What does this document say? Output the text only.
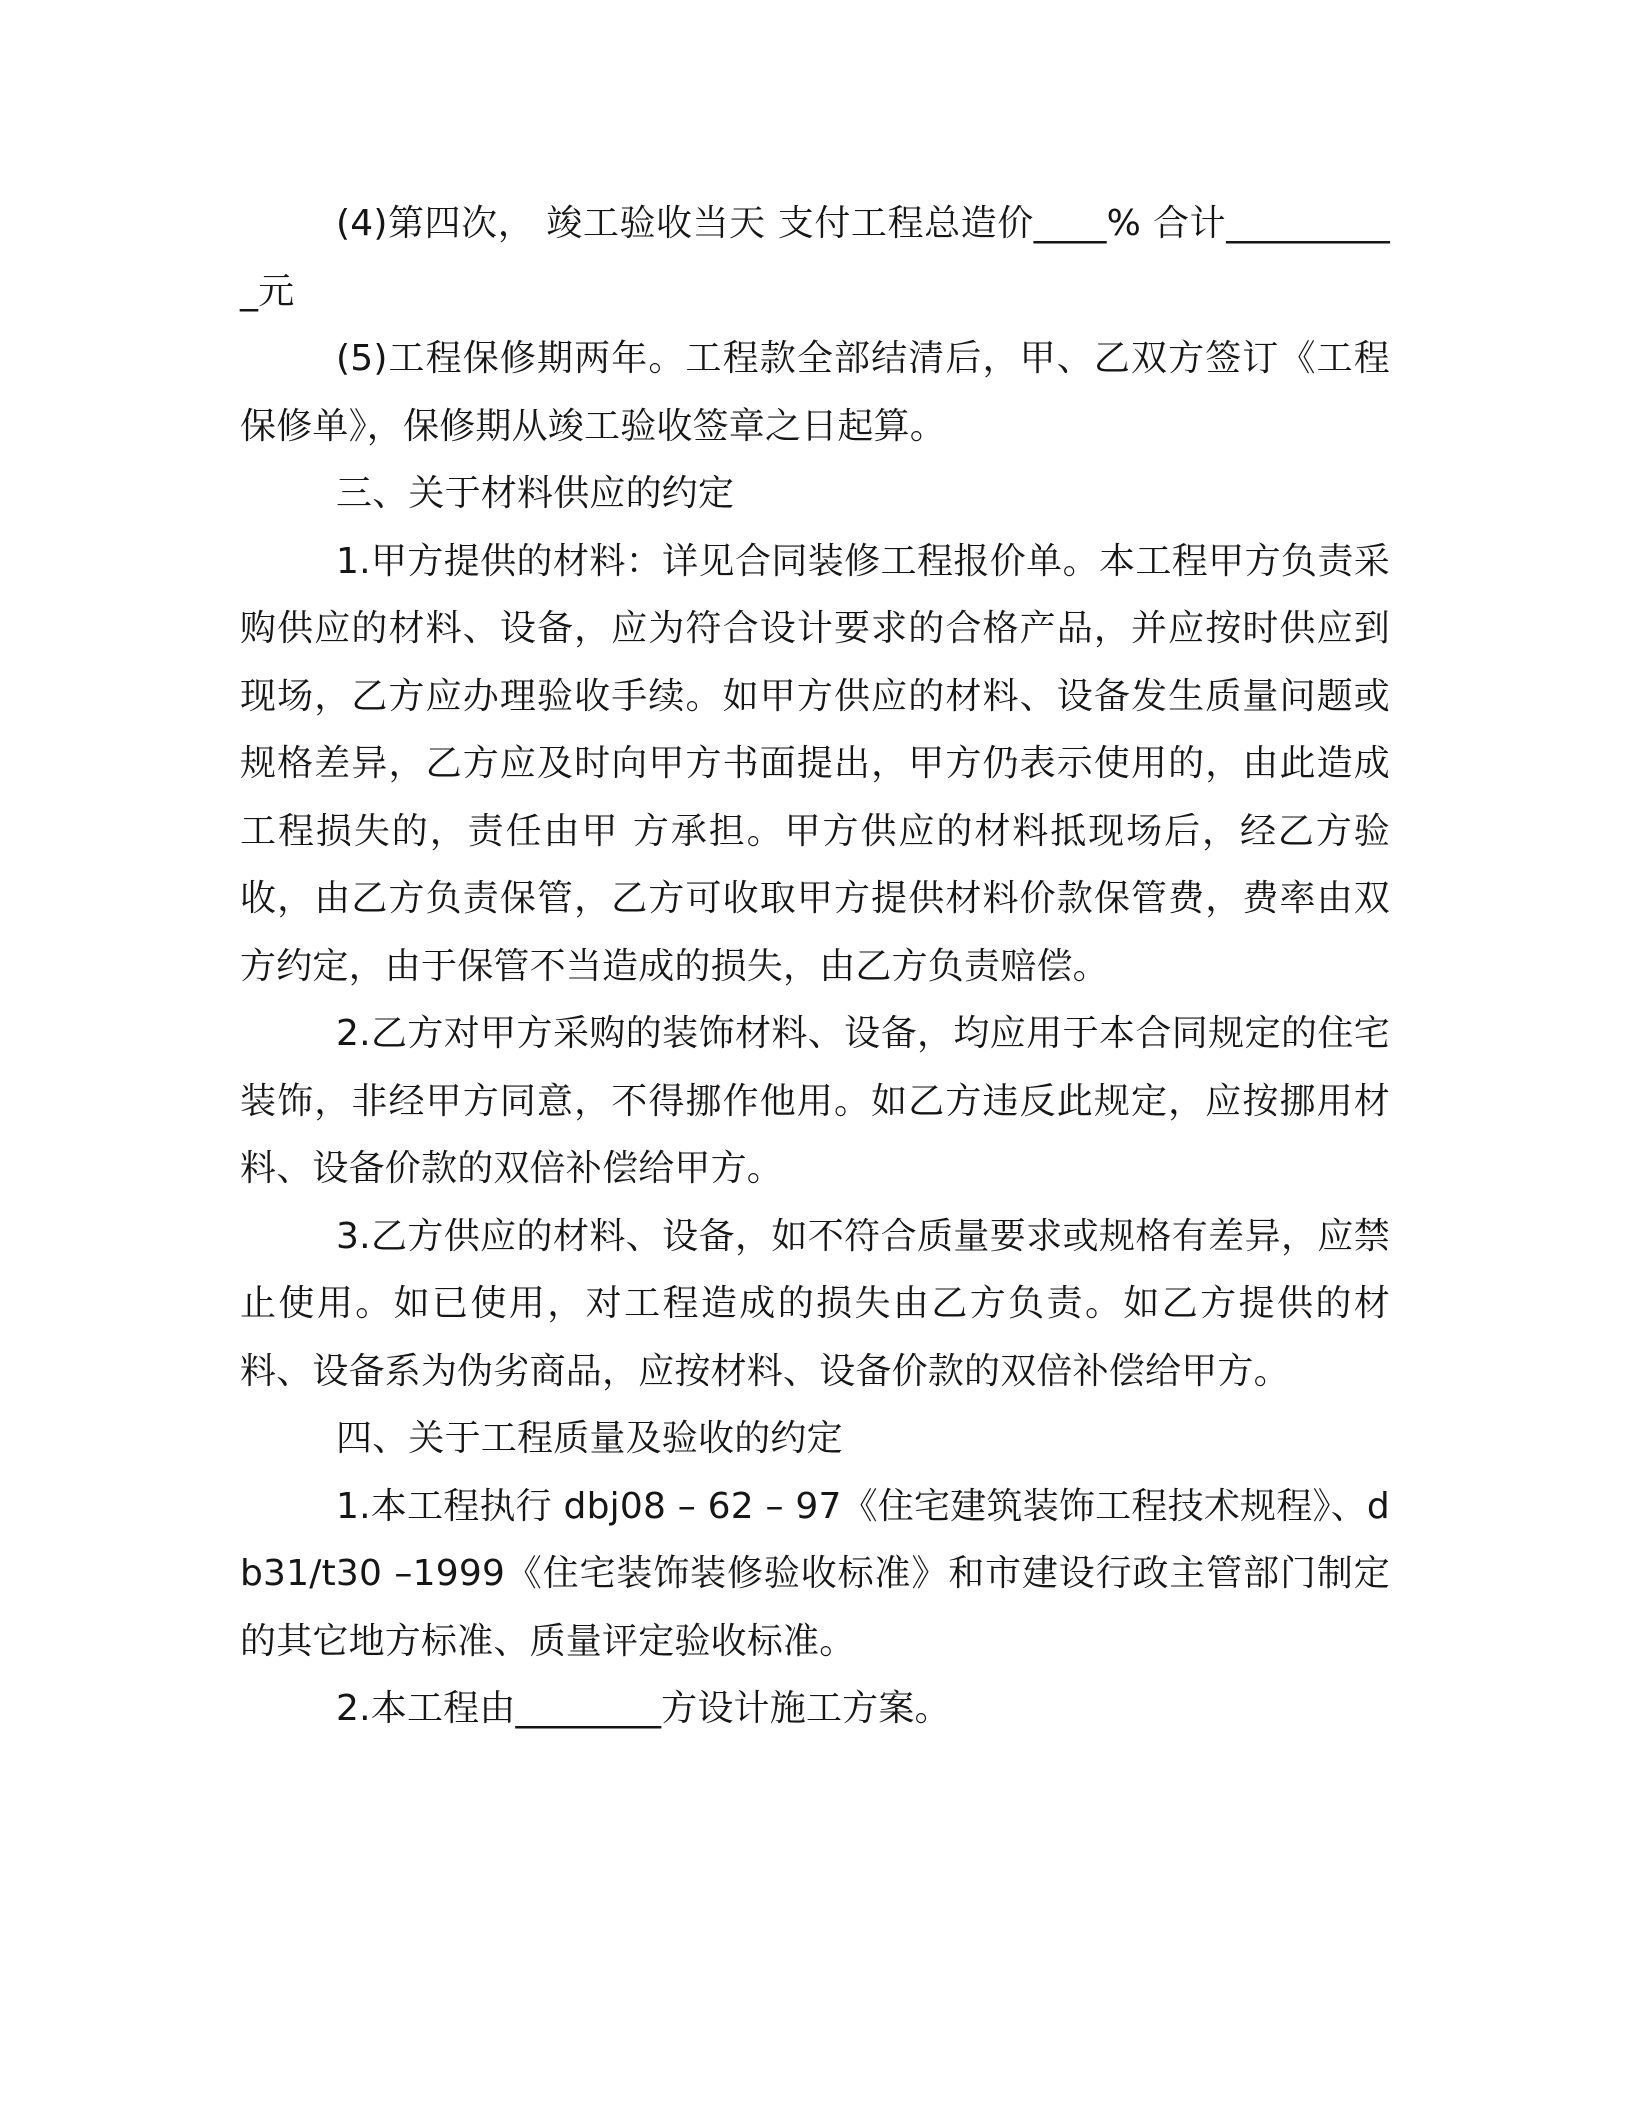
(4)第四次， 竣工验收当天 支付工程总造价____% 合计__________元

(5)工程保修期两年。工程款全部结清后，甲、乙双方签订《工程保修单》，保修期从竣工验收签章之日起算。

三、关于材料供应的约定

1.甲方提供的材料：详见合同装修工程报价单。本工程甲方负责采购供应的材料、设备，应为符合设计要求的合格产品，并应按时供应到 现场，乙方应办理验收手续。如甲方供应的材料、设备发生质量问题或规格差异，乙方应及时向甲方书面提出，甲方仍表示使用的，由此造成工程损失的，责任由甲 方承担。甲方供应的材料抵现场后，经乙方验收，由乙方负责保管，乙方可收取甲方提供材料价款保管费，费率由双方约定，由于保管不当造成的损失，由乙方负责赔偿。

2.乙方对甲方采购的装饰材料、设备，均应用于本合同规定的住宅装饰，非经甲方同意，不得挪作他用。如乙方违反此规定，应按挪用材料、设备价款的双倍补偿给甲方。

3.乙方供应的材料、设备，如不符合质量要求或规格有差异，应禁止使用。如已使用，对工程造成的损失由乙方负责。如乙方提供的材料、设备系为伪劣商品，应按材料、设备价款的双倍补偿给甲方。

四、关于工程质量及验收的约定

1.本工程执行 dbj08 – 62 – 97《住宅建筑装饰工程技术规程》、db31/t30 –1999《住宅装饰装修验收标准》和市建设行政主管部门制定的其它地方标准、质量评定验收标准。

2.本工程由________方设计施工方案。
